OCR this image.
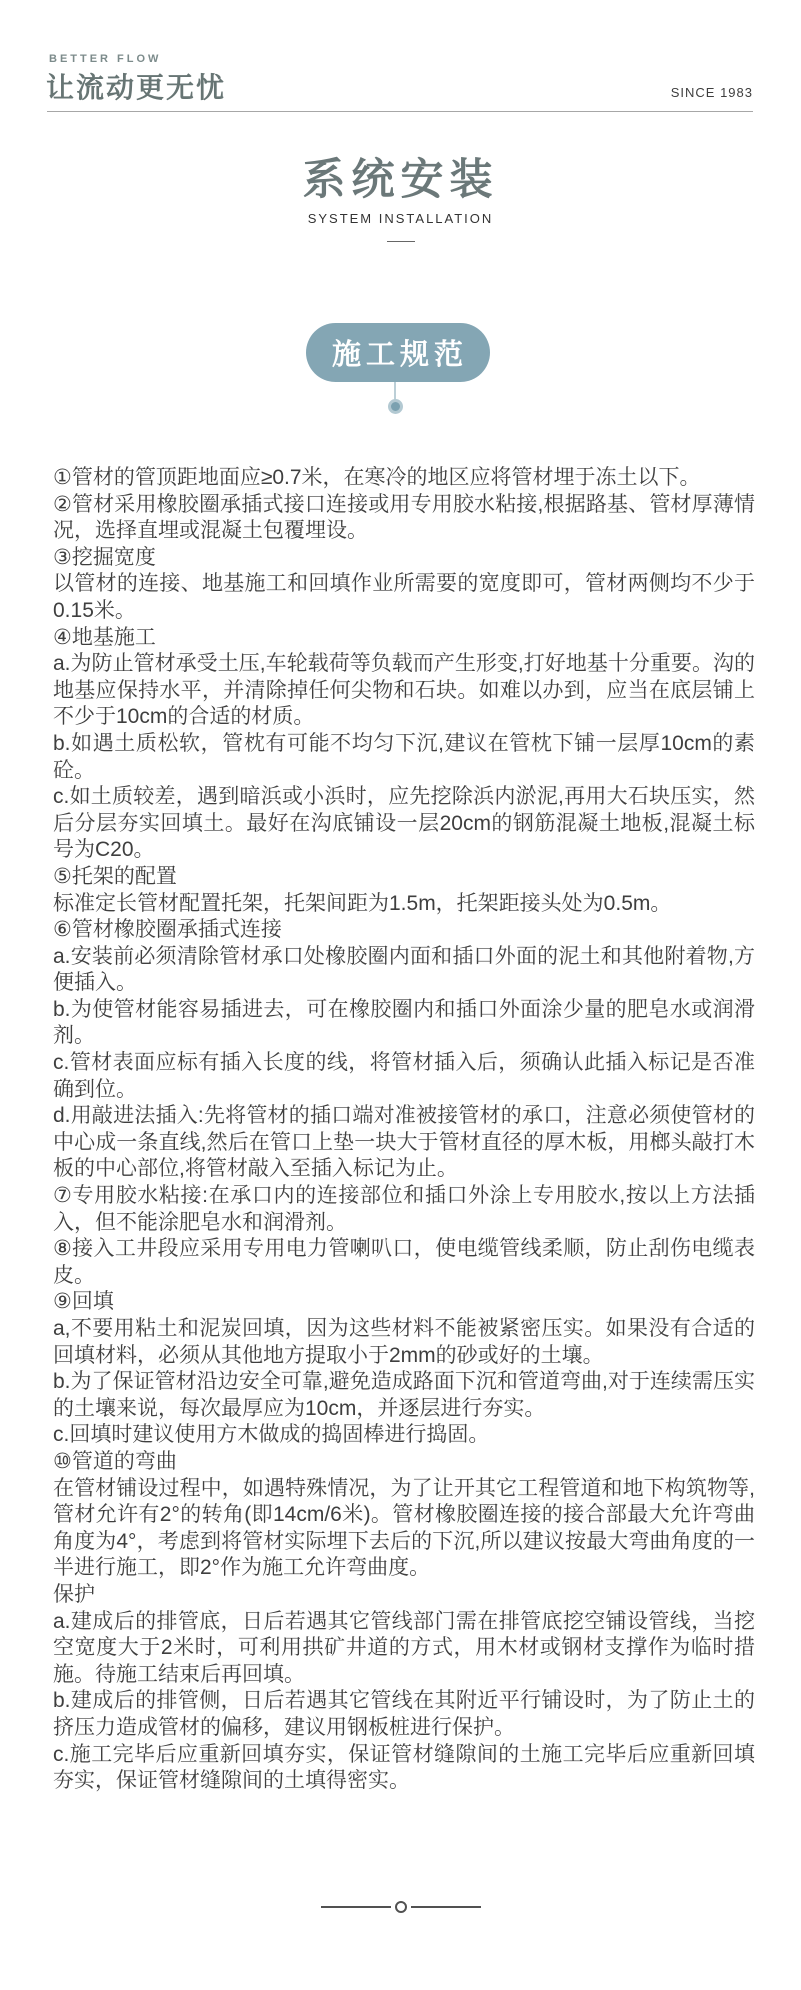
BETTER FLOW
让流动更无忧	SINCE 1983
系统安装
SYSTEM INSTALLATION
施工规范

①管材的管顶距地面应≥0.7米，在寒冷的地区应将管材埋于冻土以下。

②管材采用橡胶圈承插式接口连接或用专用胶水粘接,根据路基、管材厚薄情况，选择直埋或混凝土包覆埋设。

③挖掘宽度

以管材的连接、地基施工和回填作业所需要的宽度即可，管材两侧均不少于0.15米。

④地基施工

a.为防止管材承受土压,车轮载荷等负载而产生形变,打好地基十分重要。沟的地基应保持水平，并清除掉任何尖物和石块。如难以办到，应当在底层铺上不少于10cm的合适的材质。

b.如遇土质松软，管枕有可能不均匀下沉,建议在管枕下铺一层厚10cm的素砼。

c.如土质较差，遇到暗浜或小浜时，应先挖除浜内淤泥,再用大石块压实，然后分层夯实回填土。最好在沟底铺设一层20cm的钢筋混凝土地板,混凝土标号为C20。

⑤托架的配置

标准定长管材配置托架，托架间距为1.5m，托架距接头处为0.5m。

⑥管材橡胶圈承插式连接

a.安装前必须清除管材承口处橡胶圈内面和插口外面的泥土和其他附着物,方便插入。

b.为使管材能容易插进去，可在橡胶圈内和插口外面涂少量的肥皂水或润滑剂。

c.管材表面应标有插入长度的线，将管材插入后，须确认此插入标记是否准确到位。

d.用敲进法插入:先将管材的插口端对准被接管材的承口，注意必须使管材的中心成一条直线,然后在管口上垫一块大于管材直径的厚木板，用榔头敲打木板的中心部位,将管材敲入至插入标记为止。

⑦专用胶水粘接:在承口内的连接部位和插口外涂上专用胶水,按以上方法插入，但不能涂肥皂水和润滑剂。

⑧接入工井段应采用专用电力管喇叭口，使电缆管线柔顺，防止刮伤电缆表皮。

⑨回填

a,不要用粘土和泥炭回填，因为这些材料不能被紧密压实。如果没有合适的回填材料，必须从其他地方提取小于2mm的砂或好的土壤。

b.为了保证管材沿边安全可靠,避免造成路面下沉和管道弯曲,对于连续需压实的土壤来说，每次最厚应为10cm，并逐层进行夯实。

c.回填时建议使用方木做成的捣固棒进行捣固。

⑩管道的弯曲

在管材铺设过程中，如遇特殊情况，为了让开其它工程管道和地下构筑物等,管材允许有2°的转角(即14cm/6米)。管材橡胶圈连接的接合部最大允许弯曲角度为4°，考虑到将管材实际埋下去后的下沉,所以建议按最大弯曲角度的一半进行施工，即2°作为施工允许弯曲度。

保护

a.建成后的排管底，日后若遇其它管线部门需在排管底挖空铺设管线，当挖空宽度大于2米时，可利用拱矿井道的方式，用木材或钢材支撑作为临时措施。待施工结束后再回填。

b.建成后的排管侧，日后若遇其它管线在其附近平行铺设时，为了防止土的挤压力造成管材的偏移，建议用钢板桩进行保护。

c.施工完毕后应重新回填夯实，保证管材缝隙间的土施工完毕后应重新回填夯实，保证管材缝隙间的土填得密实。
